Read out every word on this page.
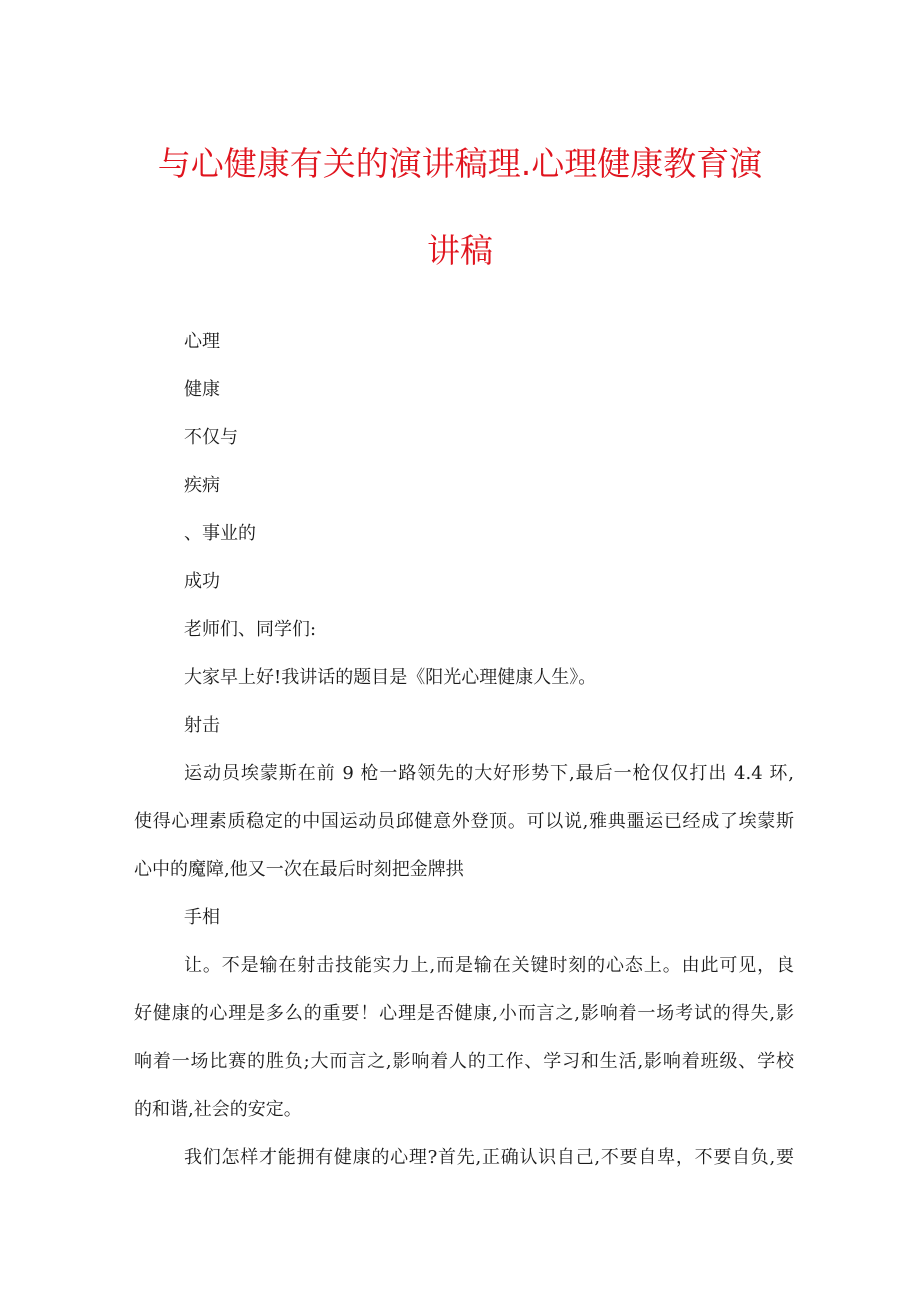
与心健康有关的演讲稿理.心理健康教育演
讲稿
心理
健康
不仅与
疾病
、事业的
成功
老师们、同学们:
大家早上好!我讲话的题目是《阳光心理健康人生》。
射击
运动员埃蒙斯在前 9 枪一路领先的大好形势下,最后一枪仅仅打出 4.4 环,
使得心理素质稳定的中国运动员邱健意外登顶。可以说,雅典噩运已经成了埃蒙斯
心中的魔障,他又一次在最后时刻把金牌拱
手相
让。不是输在射击技能实力上,而是输在关键时刻的心态上。由此可见，良
好健康的心理是多么的重要！心理是否健康,小而言之,影响着一场考试的得失,影
响着一场比赛的胜负;大而言之,影响着人的工作、学习和生活,影响着班级、学校
的和谐,社会的安定。
我们怎样才能拥有健康的心理?首先,正确认识自己,不要自卑，不要自负,要
